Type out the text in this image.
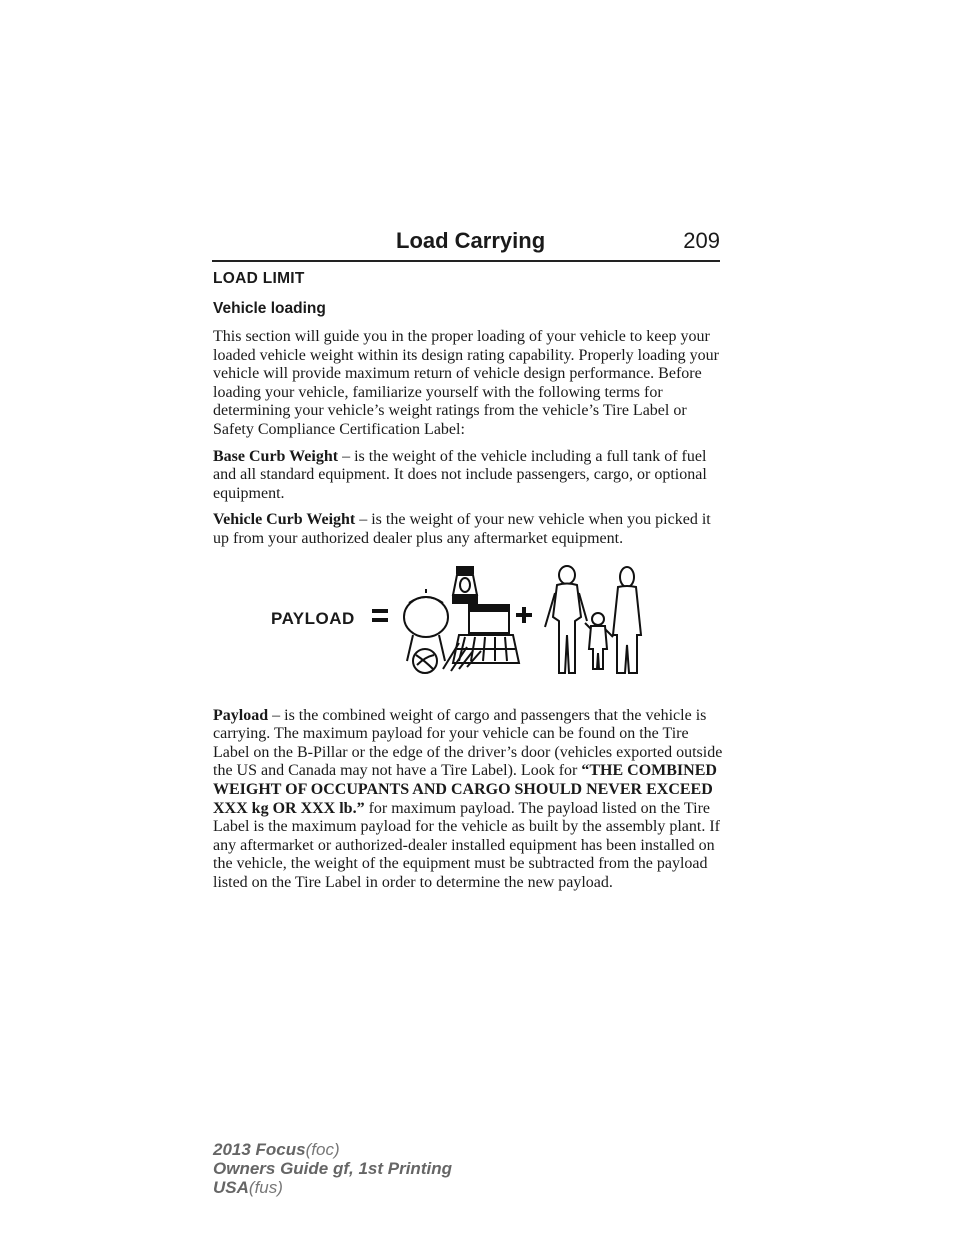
Load Carrying	209
LOAD LIMIT
Vehicle loading

This section will guide you in the proper loading of your vehicle to keep your loaded vehicle weight within its design rating capability. Properly loading your vehicle will provide maximum return of vehicle design performance. Before loading your vehicle, familiarize yourself with the following terms for determining your vehicle’s weight ratings from the vehicle’s Tire Label or Safety Compliance Certification Label:

Base Curb Weight – is the weight of the vehicle including a full tank of fuel and all standard equipment. It does not include passengers, cargo, or optional equipment.

Vehicle Curb Weight – is the weight of your new vehicle when you picked it up from your authorized dealer plus any aftermarket equipment.

PAYLOAD

Payload – is the combined weight of cargo and passengers that the vehicle is carrying. The maximum payload for your vehicle can be found on the Tire Label on the B-Pillar or the edge of the driver’s door (vehicles exported outside the US and Canada may not have a Tire Label). Look for “THE COMBINED WEIGHT OF OCCUPANTS AND CARGO SHOULD NEVER EXCEED XXX kg OR XXX lb.” for maximum payload. The payload listed on the Tire Label is the maximum payload for the vehicle as built by the assembly plant. If any aftermarket or authorized-dealer installed equipment has been installed on the vehicle, the weight of the equipment must be subtracted from the payload listed on the Tire Label in order to determine the new payload.

2013 Focus(foc)
Owners Guide gf, 1st Printing
USA(fus)
